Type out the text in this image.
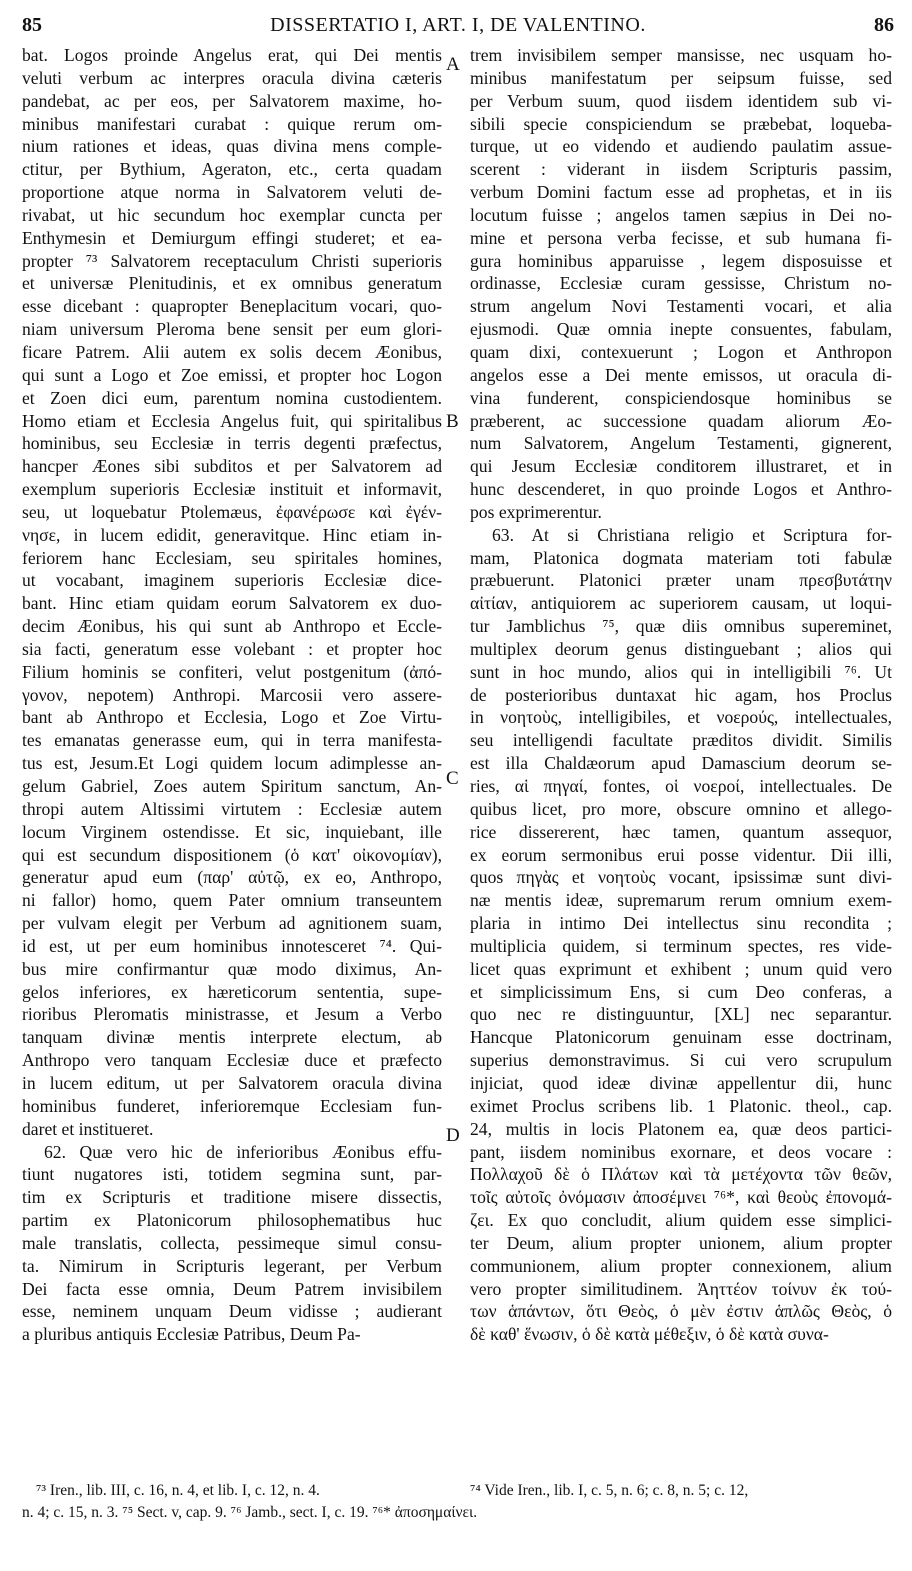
85	DISSERTATIO I, ART. I, DE VALENTINO.	86
bat. Logos proinde Angelus erat, qui Dei mentis
veluti verbum ac interpres oracula divina cæteris
pandebat, ac per eos, per Salvatorem maxime, ho-
minibus manifestari curabat : quique rerum om-
nium rationes et ideas, quas divina mens comple-
ctitur, per Bythium, Ageraton, etc., certa quadam
proportione atque norma in Salvatorem veluti de-
rivabat, ut hic secundum hoc exemplar cuncta per
Enthymesin et Demiurgum effingi studeret; et ea-
propter ⁷³ Salvatorem receptaculum Christi superioris
et universæ Plenitudinis, et ex omnibus generatum
esse dicebant : quapropter Beneplacitum vocari, quo-
niam universum Pleroma bene sensit per eum glori-
ficare Patrem. Alii autem ex solis decem Æonibus,
qui sunt a Logo et Zoe emissi, et propter hoc Logon
et Zoen dici eum, parentum nomina custodientem.
Homo etiam et Ecclesia Angelus fuit, qui spiritalibus
hominibus, seu Ecclesiæ in terris degenti præfectus,
hancper Æones sibi subditos et per Salvatorem ad
exemplum superioris Ecclesiæ instituit et informavit,
seu, ut loquebatur Ptolemæus, ἐφανέρωσε καὶ ἐγέν-
νησε, in lucem edidit, generavitque. Hinc etiam in-
feriorem hanc Ecclesiam, seu spiritales homines,
ut vocabant, imaginem superioris Ecclesiæ dice-
bant. Hinc etiam quidam eorum Salvatorem ex duo-
decim Æonibus, his qui sunt ab Anthropo et Eccle-
sia facti, generatum esse volebant : et propter hoc
Filium hominis se confiteri, velut postgenitum (ἀπό-
γονον, nepotem) Anthropi. Marcosii vero assere-
bant ab Anthropo et Ecclesia, Logo et Zoe Virtu-
tes emanatas generasse eum, qui in terra manifesta-
tus est, Jesum.Et Logi quidem locum adimplesse an-
gelum Gabriel, Zoes autem Spiritum sanctum, An-
thropi autem Altissimi virtutem : Ecclesiæ autem
locum Virginem ostendisse. Et sic, inquiebant, ille
qui est secundum dispositionem (ὁ κατ' οἰκονομίαν),
generatur apud eum (παρ' αὐτῷ, ex eo, Anthropo,
ni fallor) homo, quem Pater omnium transeuntem
per vulvam elegit per Verbum ad agnitionem suam,
id est, ut per eum hominibus innotesceret ⁷⁴. Qui-
bus mire confirmantur quæ modo diximus, An-
gelos inferiores, ex hæreticorum sententia, supe-
rioribus Pleromatis ministrasse, et Jesum a Verbo
tanquam divinæ mentis interprete electum, ab
Anthropo vero tanquam Ecclesiæ duce et præfecto
in lucem editum, ut per Salvatorem oracula divina
hominibus funderet, inferioremque Ecclesiam fun-
daret et institueret.
62. Quæ vero hic de inferioribus Æonibus effu-
tiunt nugatores isti, totidem segmina sunt, par-
tim ex Scripturis et traditione misere dissectis,
partim ex Platonicorum philosophematibus huc
male translatis, collecta, pessimeque simul consu-
ta. Nimirum in Scripturis legerant, per Verbum
Dei facta esse omnia, Deum Patrem invisibilem
esse, neminem unquam Deum vidisse ; audierant
a pluribus antiquis Ecclesiæ Patribus, Deum Pa-
trem invisibilem semper mansisse, nec usquam ho-
minibus manifestatum per seipsum fuisse, sed
per Verbum suum, quod iisdem identidem sub vi-
sibili specie conspiciendum se præbebat, loqueba-
turque, ut eo videndo et audiendo paulatim assue-
scerent : viderant in iisdem Scripturis passim,
verbum Domini factum esse ad prophetas, et in iis
locutum fuisse ; angelos tamen sæpius in Dei no-
mine et persona verba fecisse, et sub humana fi-
gura hominibus apparuisse , legem disposuisse et
ordinasse, Ecclesiæ curam gessisse, Christum no-
strum angelum Novi Testamenti vocari, et alia
ejusmodi. Quæ omnia inepte consuentes, fabulam,
quam dixi, contexuerunt ; Logon et Anthropon
angelos esse a Dei mente emissos, ut oracula di-
vina funderent, conspiciendosque hominibus se
præberent, ac successione quadam aliorum Æo-
num Salvatorem, Angelum Testamenti, gignerent,
qui Jesum Ecclesiæ conditorem illustraret, et in
hunc descenderet, in quo proinde Logos et Anthro-
pos exprimerentur.
63. At si Christiana religio et Scriptura for-
mam, Platonica dogmata materiam toti fabulæ
præbuerunt. Platonici præter unam πρεσβυτάτην
αἰτίαν, antiquiorem ac superiorem causam, ut loqui-
tur Jamblichus ⁷⁵, quæ diis omnibus supereminet,
multiplex deorum genus distinguebant ; alios qui
sunt in hoc mundo, alios qui in intelligibili ⁷⁶. Ut
de posterioribus duntaxat hic agam, hos Proclus
in νοητοὺς, intelligibiles, et νοερούς, intellectuales,
seu intelligendi facultate præditos dividit. Similis
est illa Chaldæorum apud Damascium deorum se-
ries, αἱ πηγαί, fontes, οἱ νοεροί, intellectuales. De
quibus licet, pro more, obscure omnino et allego-
rice dissererent, hæc tamen, quantum assequor,
ex eorum sermonibus erui posse videntur. Dii illi,
quos πηγὰς et νοητοὺς vocant, ipsissimæ sunt divi-
næ mentis ideæ, supremarum rerum omnium exem-
plaria in intimo Dei intellectus sinu recondita ;
multiplicia quidem, si terminum spectes, res vide-
licet quas exprimunt et exhibent ; unum quid vero
et simplicissimum Ens, si cum Deo conferas, a
quo nec re distinguuntur, [XL] nec separantur.
Hancque Platonicorum genuinam esse doctrinam,
superius demonstravimus. Si cui vero scrupulum
injiciat, quod ideæ divinæ appellentur dii, hunc
eximet Proclus scribens lib. 1 Platonic. theol., cap.
24, multis in locis Platonem ea, quæ deos partici-
pant, iisdem nominibus exornare, et deos vocare :
Πολλαχοῦ δὲ ὁ Πλάτων καὶ τὰ μετέχοντα τῶν θεῶν,
τοῖς αὐτοῖς ὀνόμασιν ἀποσέμνει ⁷⁶*, καὶ θεοὺς ἐπονομά-
ζει. Ex quo concludit, alium quidem esse simplici-
ter Deum, alium propter unionem, alium propter
communionem, alium propter connexionem, alium
vero propter similitudinem. Ἀηττέον τοίνυν ἐκ τού-
των ἁπάντων, ὅτι Θεὸς, ὁ μὲν ἐστιν ἁπλῶς Θεὸς, ὁ
δὲ καθ' ἕνωσιν, ὁ δὲ κατὰ μέθεξιν, ὁ δὲ κατὰ συνα-
A
B
C
D
⁷³ Iren., lib. III, c. 16, n. 4, et lib. I, c. 12, n. 4.	⁷⁴ Vide Iren., lib. I, c. 5, n. 6; c. 8, n. 5; c. 12,
n. 4; c. 15, n. 3. ⁷⁵ Sect. v, cap. 9. ⁷⁶ Jamb., sect. I, c. 19. ⁷⁶* ἀποσημαίνει.
